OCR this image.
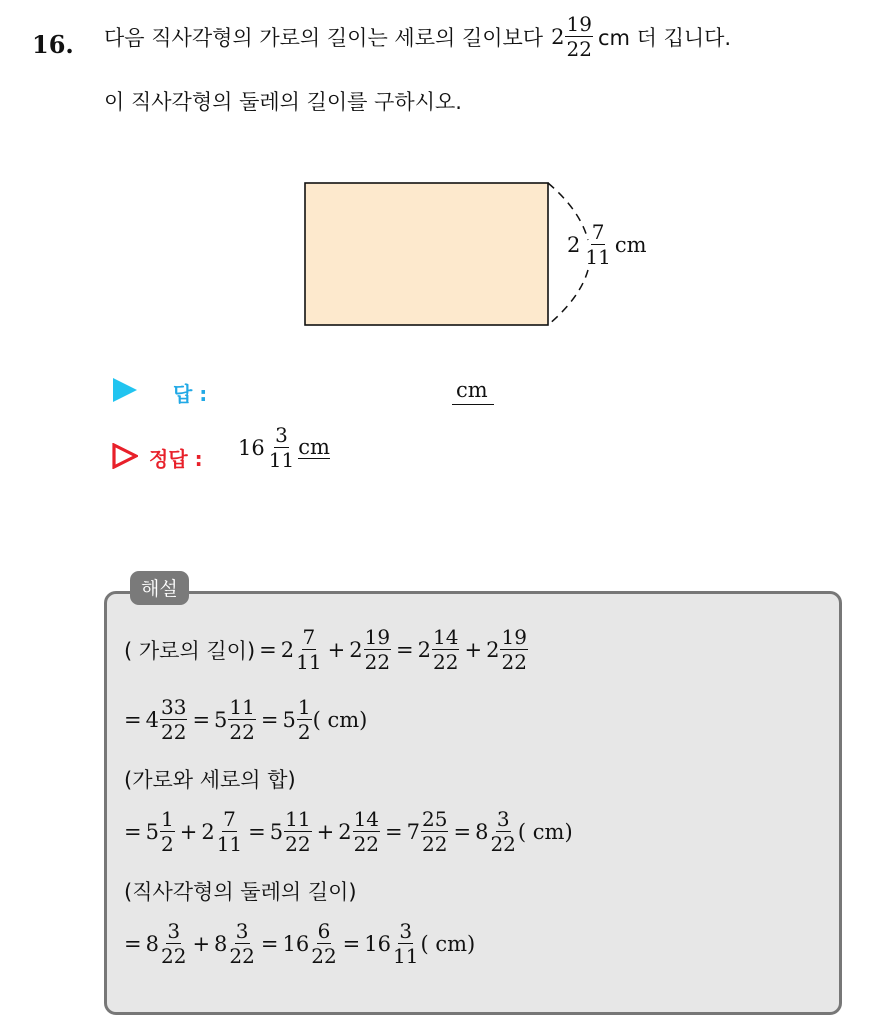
16. 다음 직사각형의 가로의 길이는 세로의 길이보다 $2 \frac{19}{22}$ cm 더 깁니다.
이 직사각형의 둘레의 길이를 구하시오.
$2 \frac{7}{11}$ cm
답 :	cm
정답 : $16 \frac{3}{11}$ cm
해설
( 가로의 길이) = $2 \frac{7}{11} + 2 \frac{19}{22} = 2 \frac{14}{22} + 2 \frac{19}{22}$
= $4 \frac{33}{22} = 5 \frac{11}{22} = 5 \frac{1}{2}$ ( cm)
(가로와 세로의 합)
= $5 \frac{1}{2} + 2 \frac{7}{11} = 5 \frac{11}{22} + 2 \frac{14}{22} = 7 \frac{25}{22} = 8 \frac{3}{22}$ ( cm)
(직사각형의 둘레의 길이)
= $8 \frac{3}{22} + 8 \frac{3}{22} = 16 \frac{6}{22} = 16 \frac{3}{11}$ ( cm)
